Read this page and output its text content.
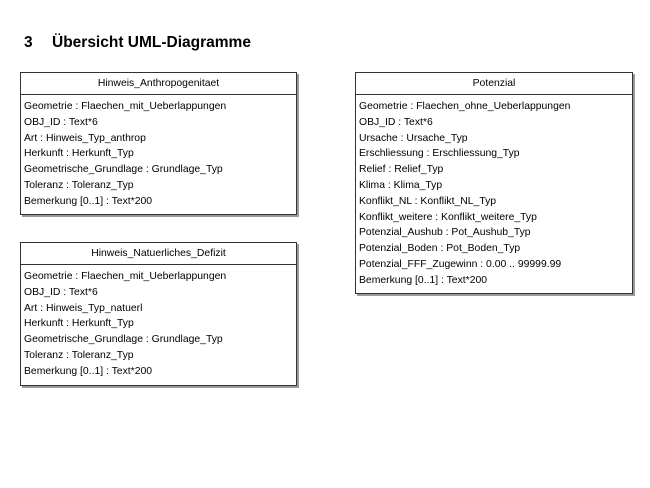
3 Übersicht UML-Diagramme
Hinweis_Anthropogenitaet
Geometrie : Flaechen_mit_Ueberlappungen
OBJ_ID : Text*6
Art : Hinweis_Typ_anthrop
Herkunft : Herkunft_Typ
Geometrische_Grundlage : Grundlage_Typ
Toleranz : Toleranz_Typ
Bemerkung [0..1] : Text*200
Hinweis_Natuerliches_Defizit
Geometrie : Flaechen_mit_Ueberlappungen
OBJ_ID : Text*6
Art : Hinweis_Typ_natuerl
Herkunft : Herkunft_Typ
Geometrische_Grundlage : Grundlage_Typ
Toleranz : Toleranz_Typ
Bemerkung [0..1] : Text*200
Potenzial
Geometrie : Flaechen_ohne_Ueberlappungen
OBJ_ID : Text*6
Ursache : Ursache_Typ
Erschliessung : Erschliessung_Typ
Relief : Relief_Typ
Klima : Klima_Typ
Konflikt_NL : Konflikt_NL_Typ
Konflikt_weitere : Konflikt_weitere_Typ
Potenzial_Aushub : Pot_Aushub_Typ
Potenzial_Boden : Pot_Boden_Typ
Potenzial_FFF_Zugewinn : 0.00 .. 99999.99
Bemerkung [0..1] : Text*200
